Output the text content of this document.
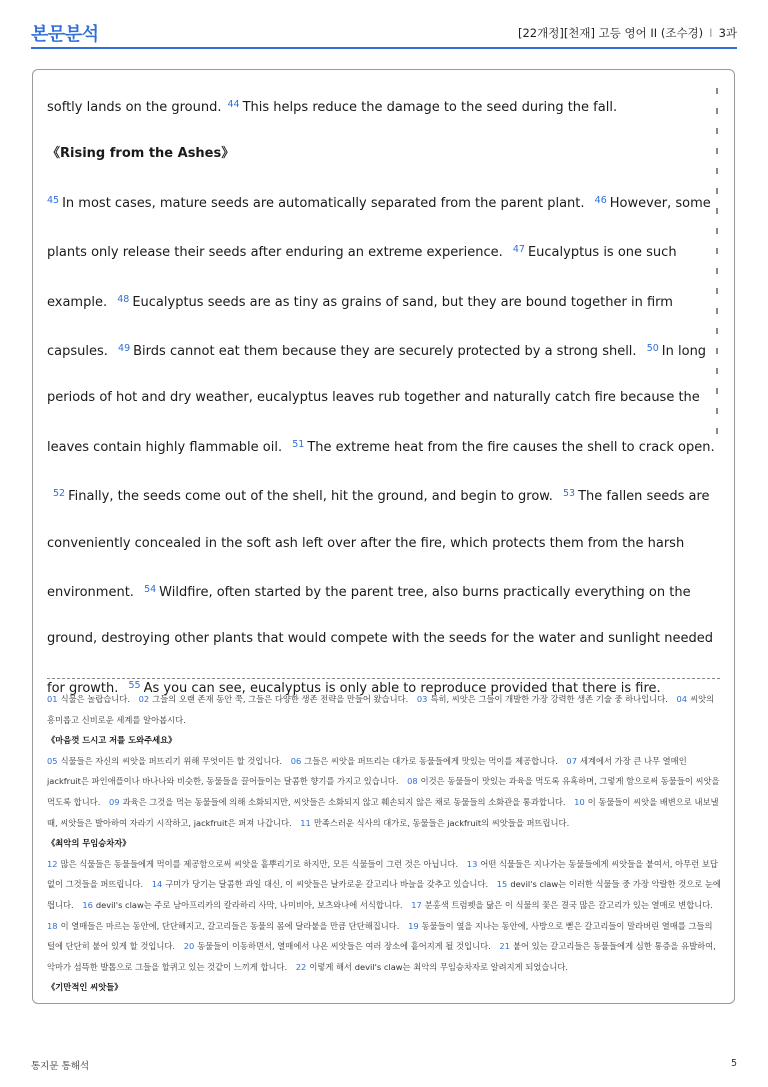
본문분석	[22개정][천재] 고등 영어 II (조수경) I 3과

softly lands on the ground. $^{44}$ This helps reduce the damage to the seed during the fall.

《Rising from the Ashes》

$^{45}$ In most cases, mature seeds are automatically separated from the parent plant. $^{46}$ However, some plants only release their seeds after enduring an extreme experience. $^{47}$ Eucalyptus is one such example. $^{48}$ Eucalyptus seeds are as tiny as grains of sand, but they are bound together in firm capsules. $^{49}$ Birds cannot eat them because they are securely protected by a strong shell. $^{50}$ In long periods of hot and dry weather, eucalyptus leaves rub together and naturally catch fire because the leaves contain highly flammable oil. $^{51}$ The extreme heat from the fire causes the shell to crack open. $^{52}$ Finally, the seeds come out of the shell, hit the ground, and begin to grow. $^{53}$ The fallen seeds are conveniently concealed in the soft ash left over after the fire, which protects them from the harsh environment. $^{54}$ Wildfire, often started by the parent tree, also burns practically everything on the ground, destroying other plants that would compete with the seeds for the water and sunlight needed for growth. $^{55}$ As you can see, eucalyptus is only able to reproduce provided that there is fire.

01 식물은 놀랍습니다. 02 그들의 오랜 존재 동안 쭉, 그들은 다양한 생존 전략을 만들어 왔습니다. 03 특히, 씨앗은 그들이 개발한 가장 강력한 생존 기술 중 하나입니다. 04 씨앗의 흥미롭고 신비로운 세계를 알아봅시다.

《마음껏 드시고 저를 도와주세요》

05 식물들은 자신의 씨앗을 퍼뜨리기 위해 무엇이든 할 것입니다. 06 그들은 씨앗을 퍼뜨리는 대가로 동물들에게 맛있는 먹이를 제공합니다. 07 세계에서 가장 큰 나무 열매인 jackfruit은 파인애플이나 바나나와 비슷한, 동물들을 끌어들이는 달콤한 향기를 가지고 있습니다. 08 이것은 동물들이 맛있는 과육을 먹도록 유혹하며, 그렇게 함으로써 동물들이 씨앗을 먹도록 합니다. 09 과육은 그것을 먹는 동물들에 의해 소화되지만, 씨앗들은 소화되지 않고 훼손되지 않은 채로 동물들의 소화관을 통과합니다. 10 이 동물들이 씨앗을 배변으로 내보낼 때, 씨앗들은 발아하여 자라기 시작하고, jackfruit은 퍼져 나갑니다. 11 만족스러운 식사의 대가로, 동물들은 jackfruit의 씨앗들을 퍼뜨립니다.

《최악의 무임승차자》

12 많은 식물들은 동물들에게 먹이를 제공함으로써 씨앗을 흩뿌리기로 하지만, 모든 식물들이 그런 것은 아닙니다. 13 어떤 식물들은 지나가는 동물들에게 씨앗들을 붙여서, 아무런 보답 없이 그것들을 퍼뜨립니다. 14 구미가 당기는 달콤한 과일 대신, 이 씨앗들은 날카로운 갈고리나 바늘을 갖추고 있습니다. 15 devil's claw는 이러한 식물들 중 가장 악랄한 것으로 눈에 띕니다. 16 devil's claw는 주로 남아프리카의 칼라하리 사막, 나미비아, 보츠와나에 서식합니다. 17 분홍색 트럼펫을 닮은 이 식물의 꽃은 결국 많은 갈고리가 있는 열매로 변합니다. 18 이 열매들은 마르는 동안에, 단단해지고, 갈고리들은 동물의 몸에 달라붙을 만큼 단단해집니다. 19 동물들이 옆을 지나는 동안에, 사방으로 뻗은 갈고리들이 말라버린 열매를 그들의 털에 단단히 붙어 있게 할 것입니다. 20 동물들이 이동하면서, 열매에서 나온 씨앗들은 여러 장소에 흩어지게 될 것입니다. 21 붙어 있는 갈고리들은 동물들에게 심한 통증을 유발하여, 악마가 섬뜩한 발톱으로 그들을 할퀴고 있는 것같이 느끼게 합니다. 22 이렇게 해서 devil's claw는 최악의 무임승차자로 알려지게 되었습니다.

《기만적인 씨앗들》

통지문 통해석	5
